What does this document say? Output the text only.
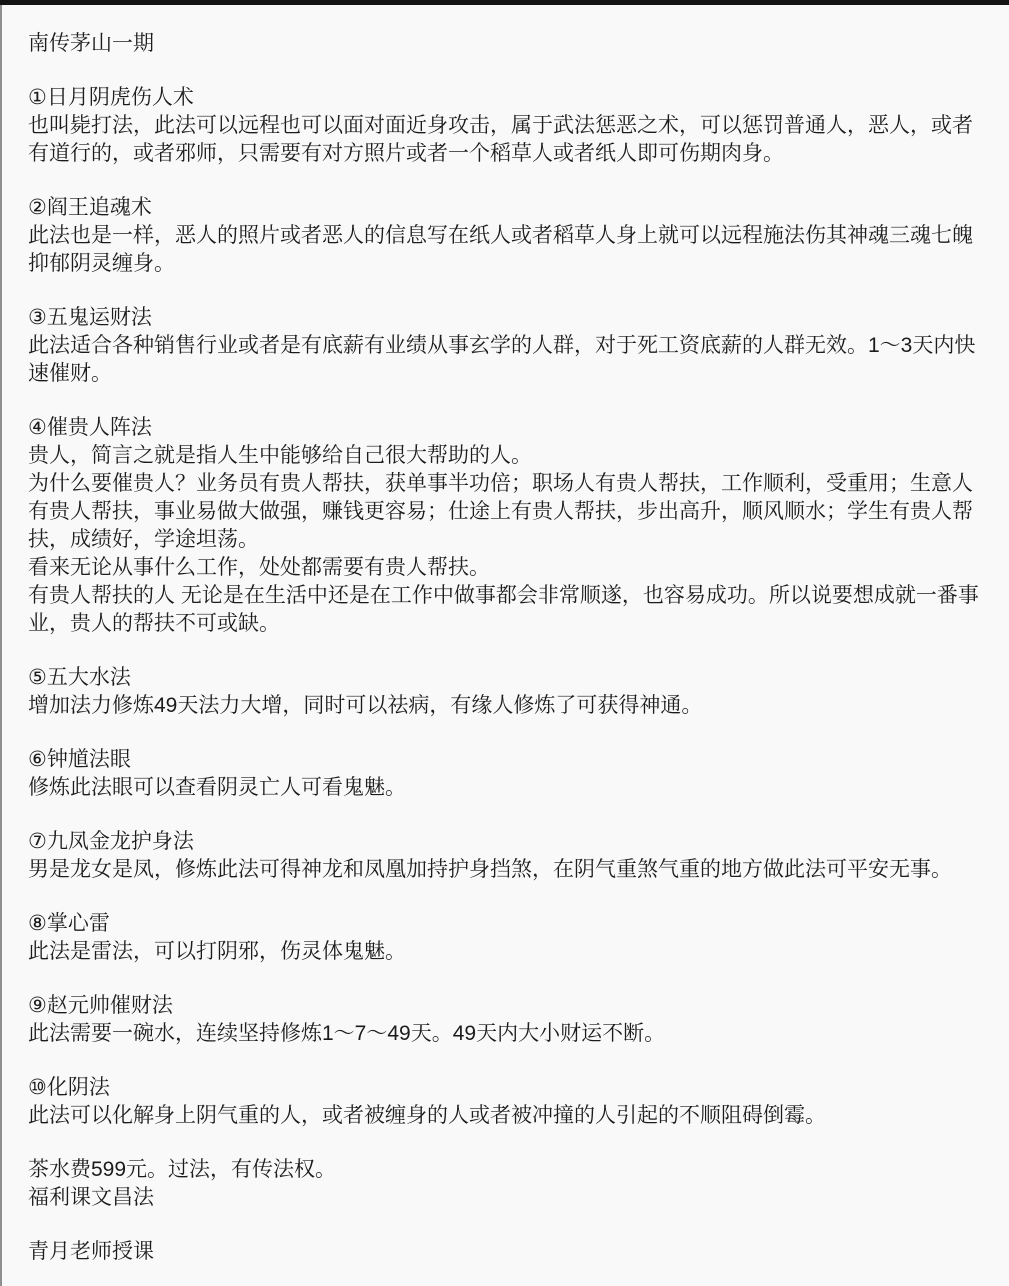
南传茅山一期

①日月阴虎伤人术

也叫毙打法，此法可以远程也可以面对面近身攻击，属于武法惩恶之术，可以惩罚普通人，恶人，或者有道行的，或者邪师，只需要有对方照片或者一个稻草人或者纸人即可伤期肉身。

②阎王追魂术

此法也是一样，恶人的照片或者恶人的信息写在纸人或者稻草人身上就可以远程施法伤其神魂三魂七魄抑郁阴灵缠身。

③五鬼运财法

此法适合各种销售行业或者是有底薪有业绩从事玄学的人群，对于死工资底薪的人群无效。1～3天内快速催财。

④催贵人阵法

贵人，简言之就是指人生中能够给自己很大帮助的人。

为什么要催贵人？业务员有贵人帮扶，获单事半功倍；职场人有贵人帮扶，工作顺利，受重用；生意人有贵人帮扶，事业易做大做强，赚钱更容易；仕途上有贵人帮扶，步出高升，顺风顺水；学生有贵人帮扶，成绩好，学途坦荡。

看来无论从事什么工作，处处都需要有贵人帮扶。

有贵人帮扶的人 无论是在生活中还是在工作中做事都会非常顺遂，也容易成功。所以说要想成就一番事业，贵人的帮扶不可或缺。

⑤五大水法

增加法力修炼49天法力大增，同时可以祛病，有缘人修炼了可获得神通。

⑥钟馗法眼

修炼此法眼可以查看阴灵亡人可看鬼魅。

⑦九凤金龙护身法

男是龙女是凤，修炼此法可得神龙和凤凰加持护身挡煞，在阴气重煞气重的地方做此法可平安无事。

⑧掌心雷

此法是雷法，可以打阴邪，伤灵体鬼魅。

⑨赵元帅催财法

此法需要一碗水，连续坚持修炼1～7～49天。49天内大小财运不断。

⑩化阴法

此法可以化解身上阴气重的人，或者被缠身的人或者被冲撞的人引起的不顺阻碍倒霉。

茶水费599元。过法，有传法权。

福利课文昌法

青月老师授课
